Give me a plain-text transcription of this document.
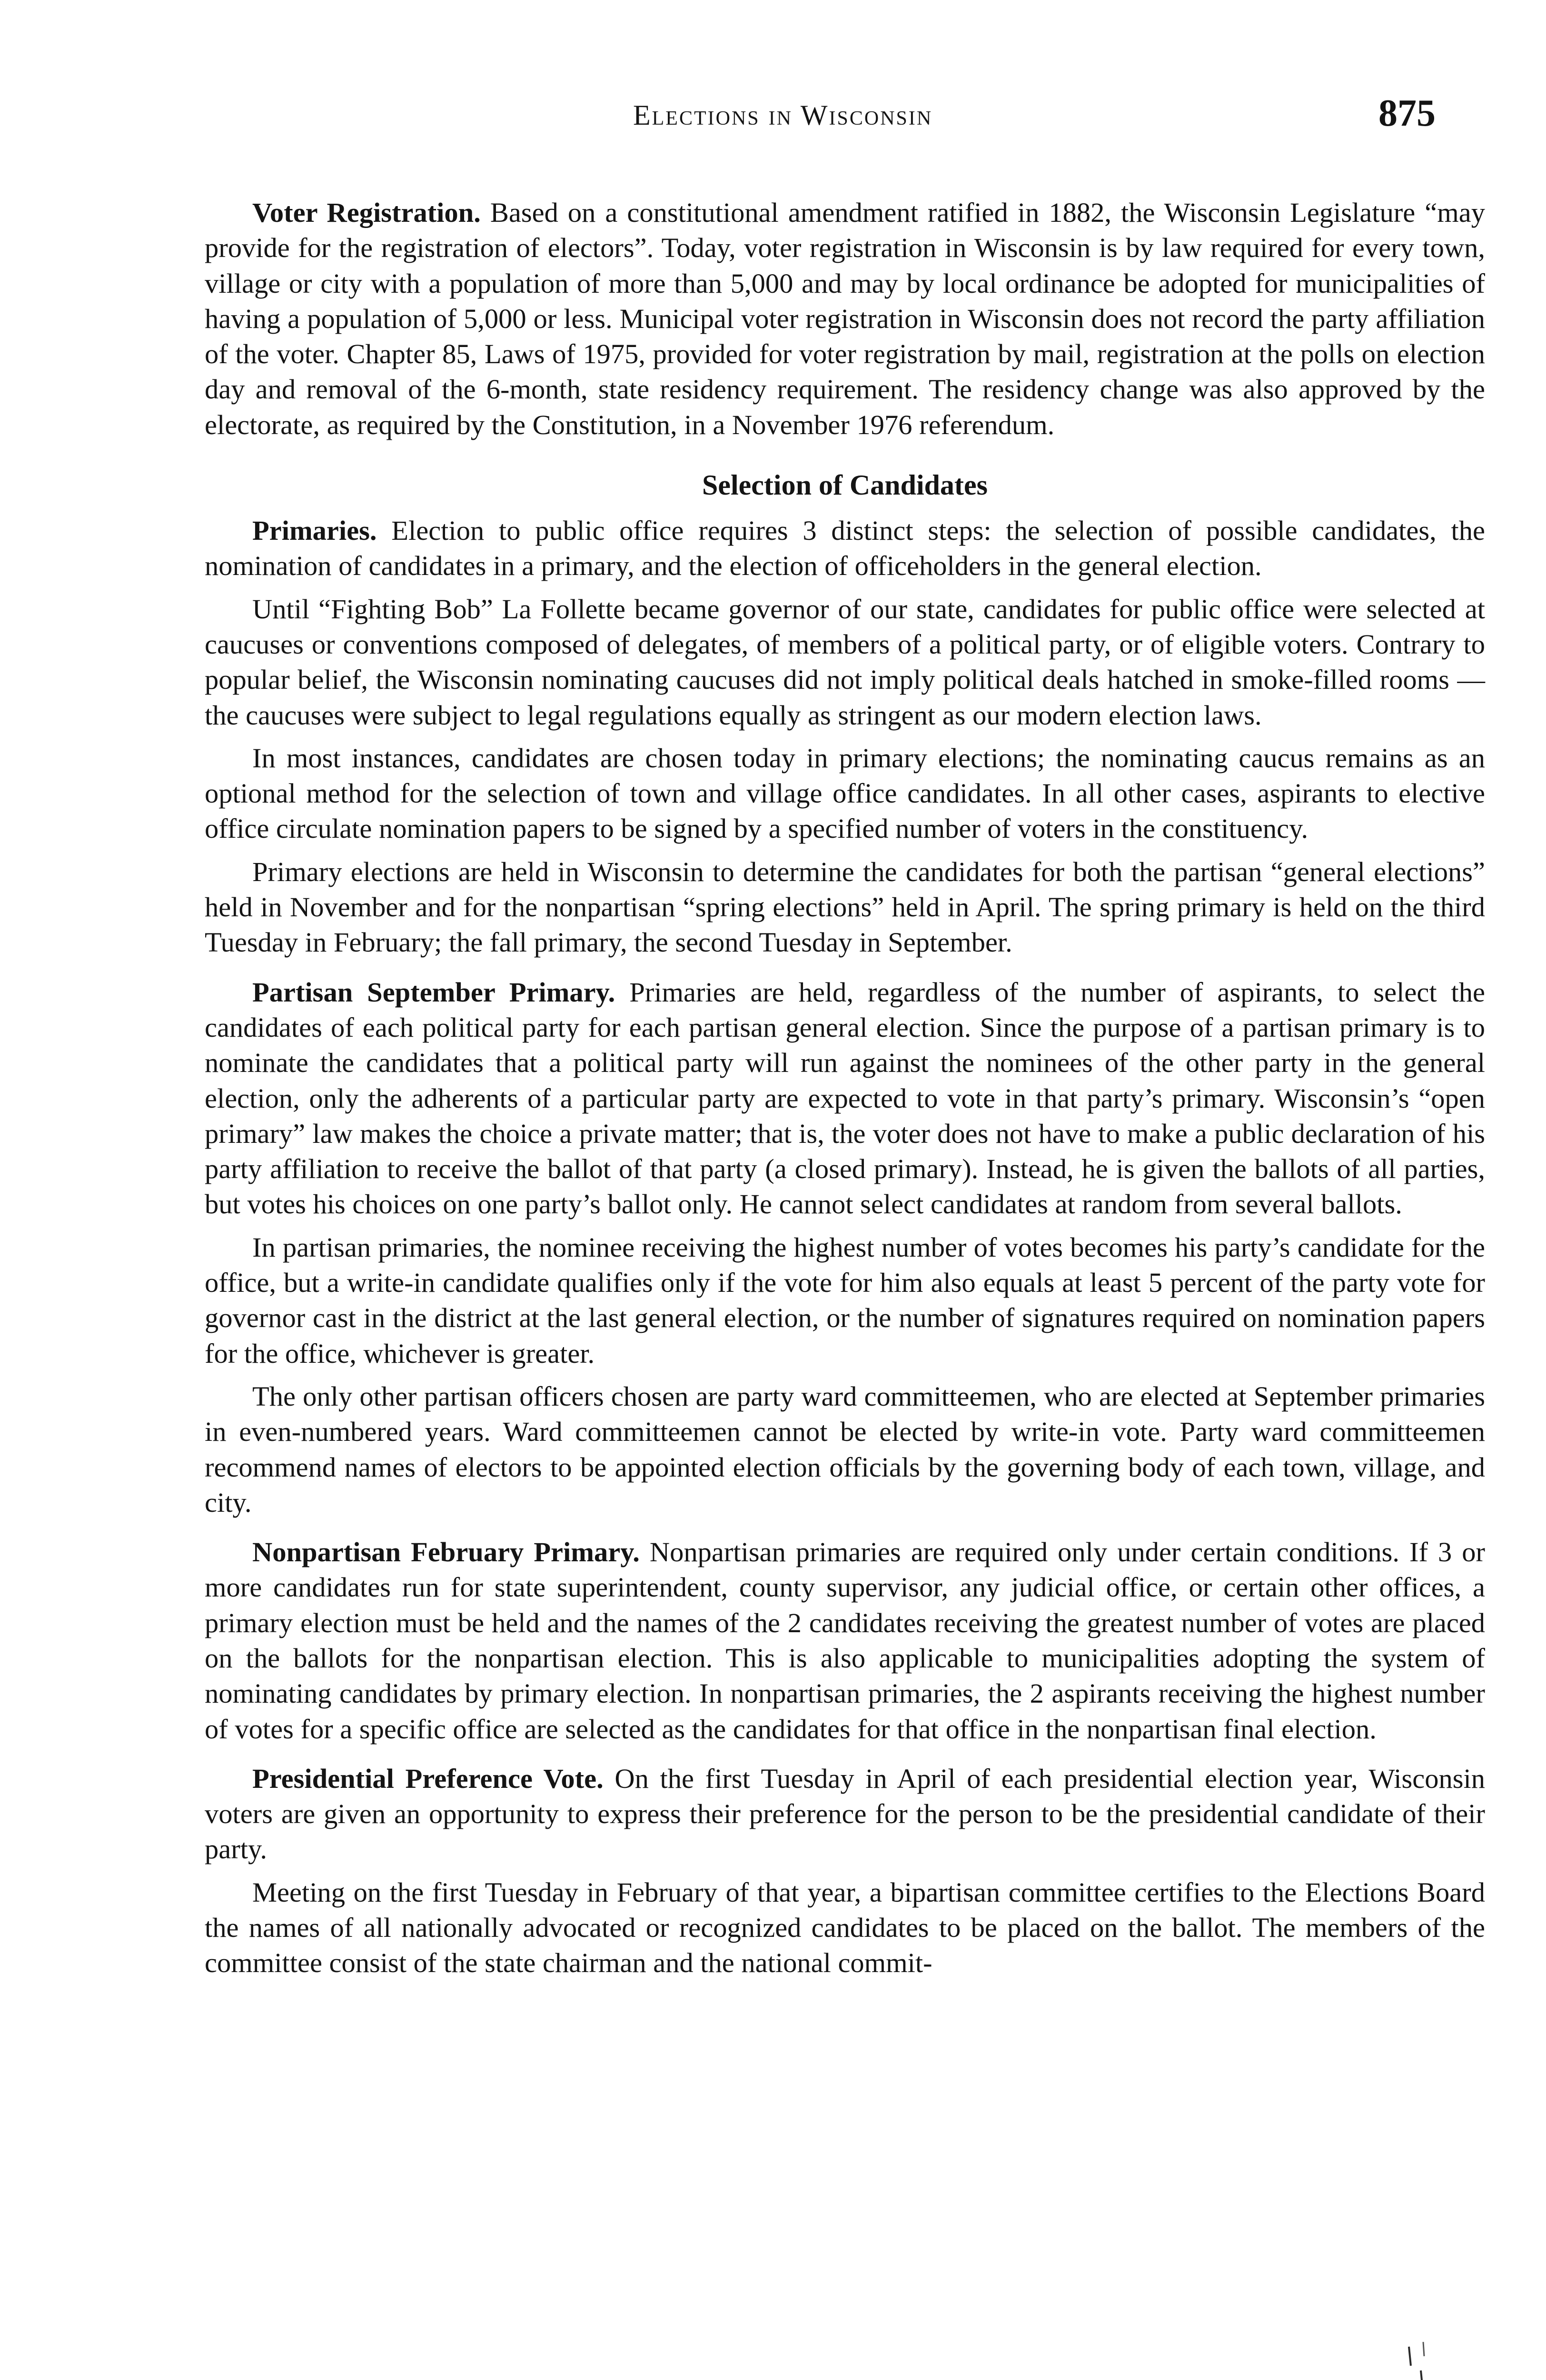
Elections in Wisconsin	875

Voter Registration. Based on a constitutional amendment ratified in 1882, the Wisconsin Legislature “may provide for the registration of electors”. Today, voter registration in Wisconsin is by law required for every town, village or city with a population of more than 5,000 and may by local ordinance be adopted for municipalities of having a population of 5,000 or less. Municipal voter registration in Wisconsin does not record the party affiliation of the voter. Chapter 85, Laws of 1975, provided for voter registration by mail, registration at the polls on election day and removal of the 6-month, state residency requirement. The residency change was also approved by the electorate, as required by the Constitution, in a November 1976 referendum.

Selection of Candidates

Primaries. Election to public office requires 3 distinct steps: the selection of possible candidates, the nomination of candidates in a primary, and the election of officeholders in the general election.

Until “Fighting Bob” La Follette became governor of our state, candidates for public office were selected at caucuses or conventions composed of delegates, of members of a political party, or of eligible voters. Contrary to popular belief, the Wisconsin nominating caucuses did not imply political deals hatched in smoke-filled rooms — the caucuses were subject to legal regulations equally as stringent as our modern election laws.

In most instances, candidates are chosen today in primary elections; the nominating caucus remains as an optional method for the selection of town and village office candidates. In all other cases, aspirants to elective office circulate nomination papers to be signed by a specified number of voters in the constituency.

Primary elections are held in Wisconsin to determine the candidates for both the partisan “general elections” held in November and for the nonpartisan “spring elections” held in April. The spring primary is held on the third Tuesday in February; the fall primary, the second Tuesday in September.

Partisan September Primary. Primaries are held, regardless of the number of aspirants, to select the candidates of each political party for each partisan general election. Since the purpose of a partisan primary is to nominate the candidates that a political party will run against the nominees of the other party in the general election, only the adherents of a particular party are expected to vote in that party’s primary. Wisconsin’s “open primary” law makes the choice a private matter; that is, the voter does not have to make a public declaration of his party affiliation to receive the ballot of that party (a closed primary). Instead, he is given the ballots of all parties, but votes his choices on one party’s ballot only. He cannot select candidates at random from several ballots.

In partisan primaries, the nominee receiving the highest number of votes becomes his party’s candidate for the office, but a write-in candidate qualifies only if the vote for him also equals at least 5 percent of the party vote for governor cast in the district at the last general election, or the number of signatures required on nomination papers for the office, whichever is greater.

The only other partisan officers chosen are party ward committeemen, who are elected at September primaries in even-numbered years. Ward committeemen cannot be elected by write-in vote. Party ward committeemen recommend names of electors to be appointed election officials by the governing body of each town, village, and city.

Nonpartisan February Primary. Nonpartisan primaries are required only under certain conditions. If 3 or more candidates run for state superintendent, county supervisor, any judicial office, or certain other offices, a primary election must be held and the names of the 2 candidates receiving the greatest number of votes are placed on the ballots for the nonpartisan election. This is also applicable to municipalities adopting the system of nominating candidates by primary election. In nonpartisan primaries, the 2 aspirants receiving the highest number of votes for a specific office are selected as the candidates for that office in the nonpartisan final election.

Presidential Preference Vote. On the first Tuesday in April of each presidential election year, Wisconsin voters are given an opportunity to express their preference for the person to be the presidential candidate of their party.

Meeting on the first Tuesday in February of that year, a bipartisan committee certifies to the Elections Board the names of all nationally advocated or recognized candidates to be placed on the ballot. The members of the committee consist of the state chairman and the national commit-
